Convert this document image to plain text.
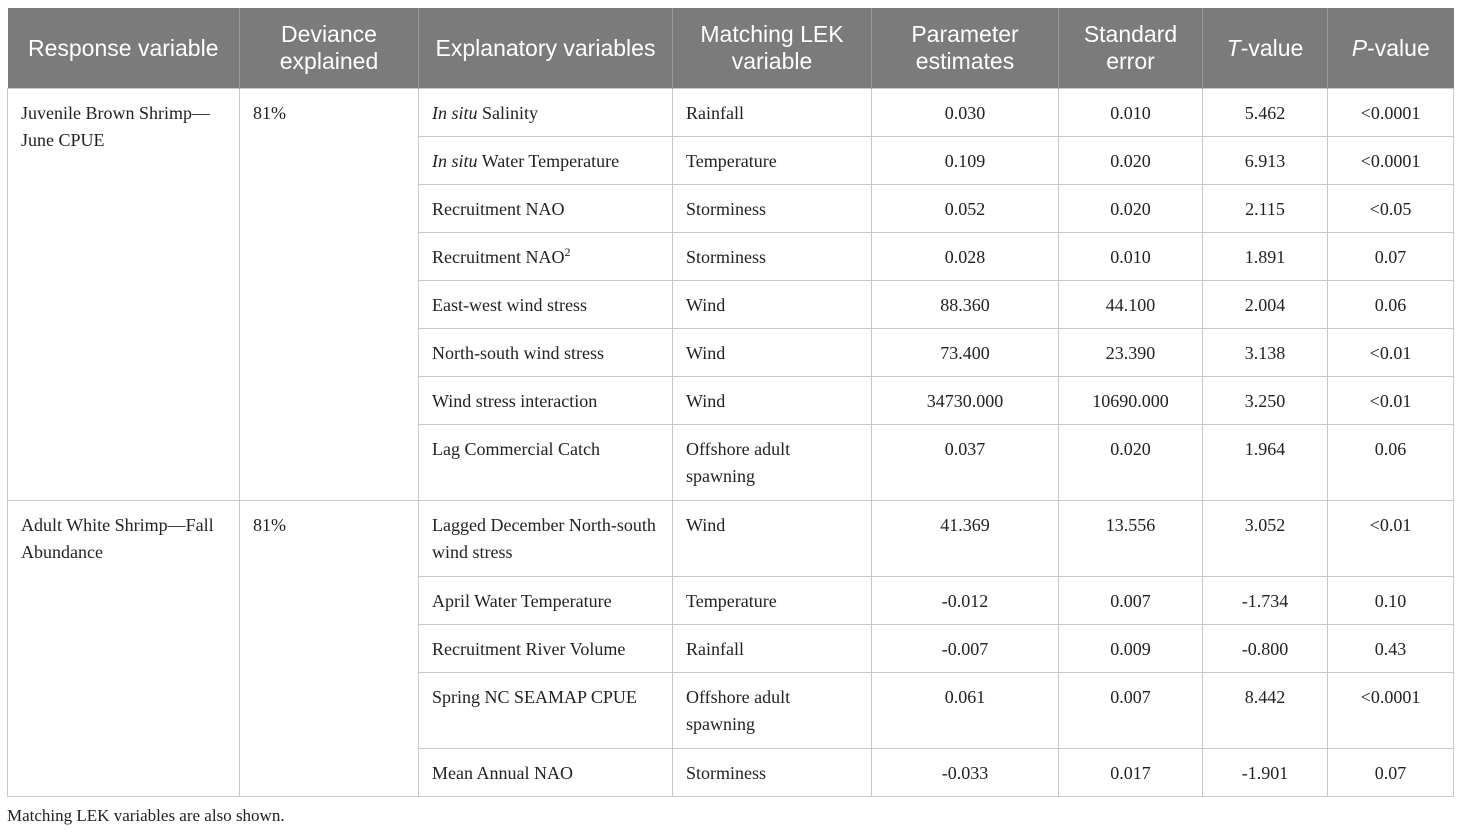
Response variable	Deviance explained	Explanatory variables	Matching LEK variable	Parameter estimates	Standard error	T-value	P-value
Juvenile Brown Shrimp—June CPUE	81%	In situ Salinity	Rainfall	0.030	0.010	5.462	<0.0001
		In situ Water Temperature	Temperature	0.109	0.020	6.913	<0.0001
		Recruitment NAO	Storminess	0.052	0.020	2.115	<0.05
		Recruitment NAO$^2$	Storminess	0.028	0.010	1.891	0.07
		East-west wind stress	Wind	88.360	44.100	2.004	0.06
		North-south wind stress	Wind	73.400	23.390	3.138	<0.01
		Wind stress interaction	Wind	34730.000	10690.000	3.250	<0.01
		Lag Commercial Catch	Offshore adult spawning	0.037	0.020	1.964	0.06
Adult White Shrimp—Fall Abundance	81%	Lagged December North-south wind stress	Wind	41.369	13.556	3.052	<0.01
		April Water Temperature	Temperature	-0.012	0.007	-1.734	0.10
		Recruitment River Volume	Rainfall	-0.007	0.009	-0.800	0.43
		Spring NC SEAMAP CPUE	Offshore adult spawning	0.061	0.007	8.442	<0.0001
		Mean Annual NAO	Storminess	-0.033	0.017	-1.901	0.07
Matching LEK variables are also shown.
